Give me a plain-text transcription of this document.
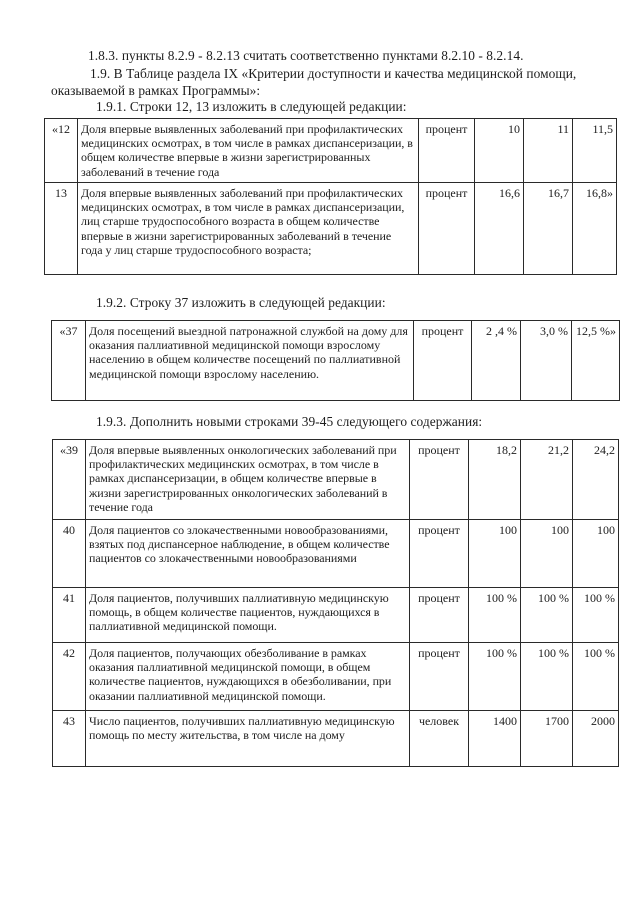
1.8.3. пункты 8.2.9 - 8.2.13 считать соответственно пунктами 8.2.10 - 8.2.14.
1.9. В Таблице раздела IX «Критерии доступности и качества медицинской помощи,
оказываемой в рамках Программы»:
1.9.1. Строки 12, 13 изложить в следующей редакции:
«12	Доля впервые выявленных заболеваний при профилактических медицинских осмотрах, в том числе в рамках диспансеризации, в общем количестве впервые в жизни зарегистрированных заболеваний в течение года	процент	10	11	11,5
13	Доля впервые выявленных заболеваний при профилактических медицинских осмотрах, в том числе в рамках диспансеризации, лиц старше трудоспособного возраста в общем количестве впервые в жизни зарегистрированных заболеваний в течение года у лиц старше трудоспособного возраста;	процент	16,6	16,7	16,8»
1.9.2. Строку 37 изложить в следующей редакции:
«37	Доля посещений выездной патронажной службой на дому для оказания паллиативной медицинской помощи взрослому населению в общем количестве посещений по паллиативной медицинской помощи взрослому населению.	процент	2 ,4 %	3,0 %	12,5 %»
1.9.3. Дополнить новыми строками 39-45 следующего содержания:
«39	Доля впервые выявленных онкологических заболеваний при профилактических медицинских осмотрах, в том числе в рамках диспансеризации, в общем количестве впервые в жизни зарегистрированных онкологических заболеваний в течение года	процент	18,2	21,2	24,2
40	Доля пациентов со злокачественными новообразованиями, взятых под диспансерное наблюдение, в общем количестве пациентов со злокачественными новообразованиями	процент	100	100	100
41	Доля пациентов, получивших паллиативную медицинскую помощь, в общем количестве пациентов, нуждающихся в паллиативной медицинской помощи.	процент	100 %	100 %	100 %
42	Доля пациентов, получающих обезболивание в рамках оказания паллиативной медицинской помощи, в общем количестве пациентов, нуждающихся в обезболивании, при оказании паллиативной медицинской помощи.	процент	100 %	100 %	100 %
43	Число пациентов, получивших паллиативную медицинскую помощь по месту жительства, в том числе на дому	человек	1400	1700	2000
